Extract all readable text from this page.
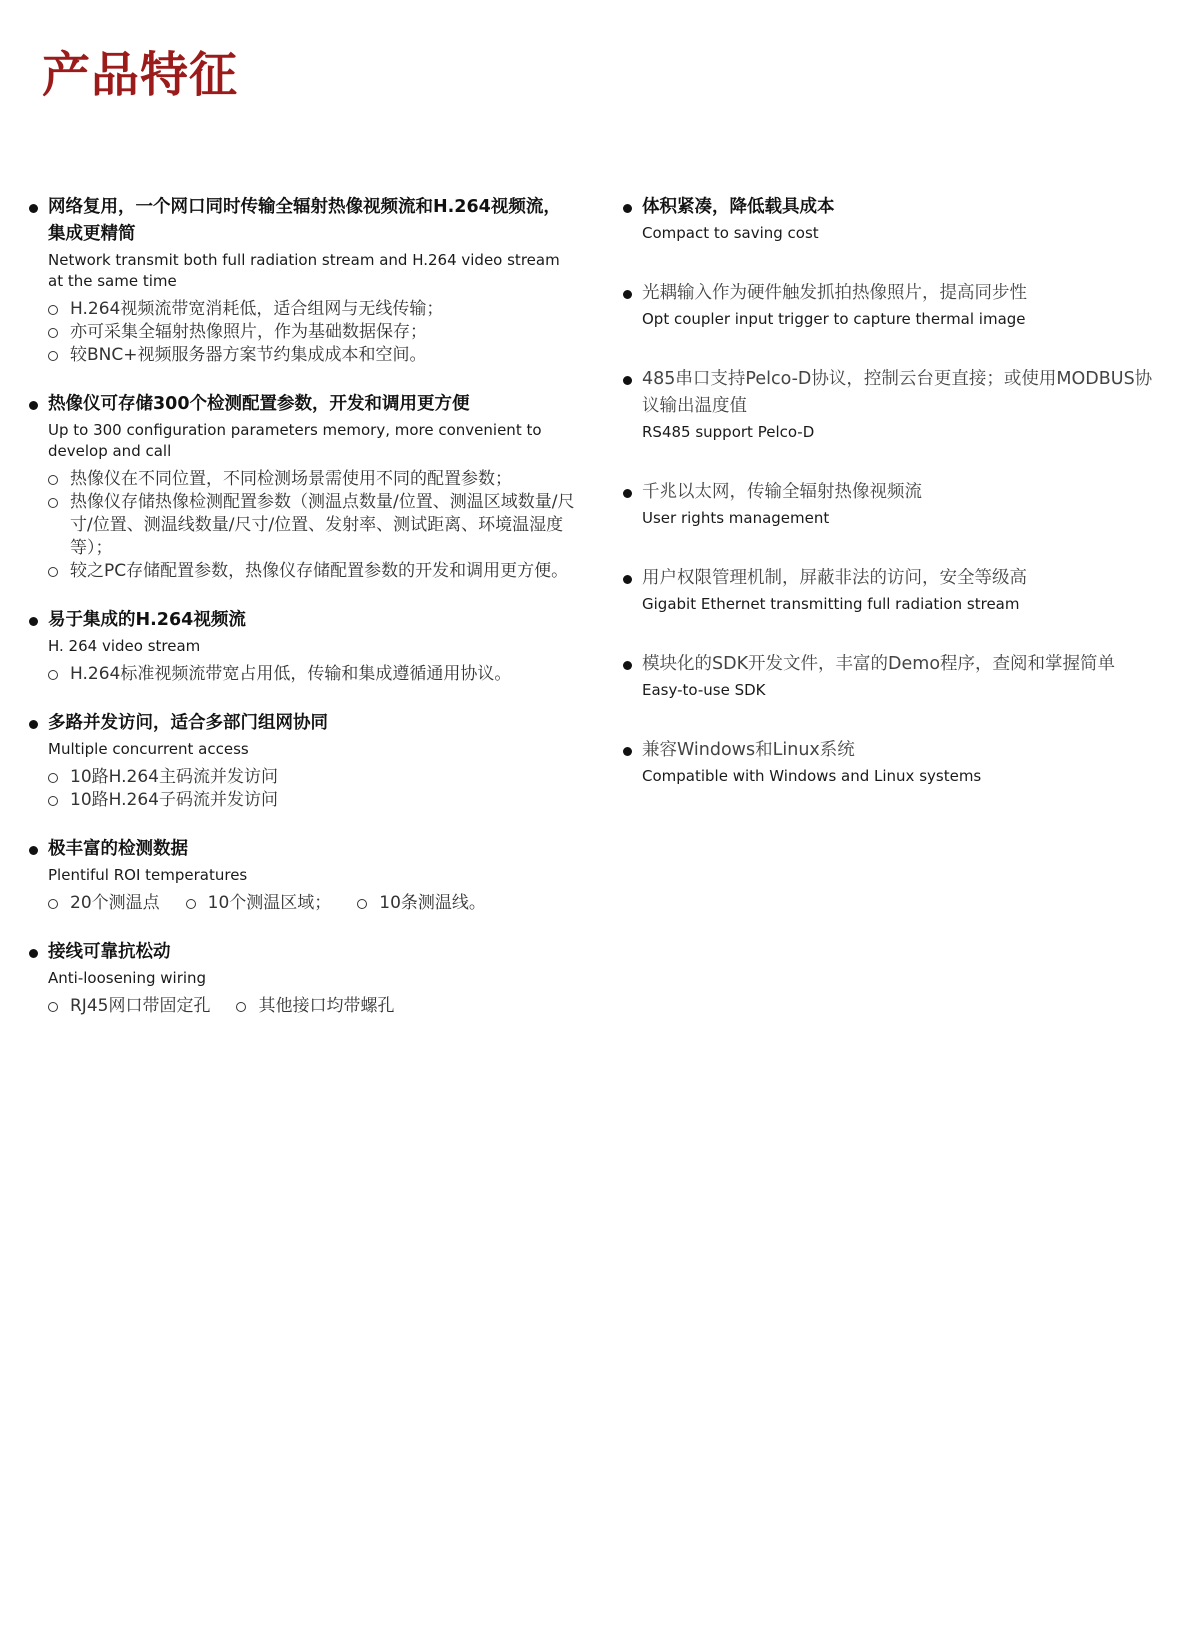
产品特征
网络复用，一个网口同时传输全辐射热像视频流和H.264视频流，集成更精简
Network transmit both full radiation stream and H.264 video stream at the same time
H.264视频流带宽消耗低，适合组网与无线传输；
亦可采集全辐射热像照片，作为基础数据保存；
较BNC+视频服务器方案节约集成成本和空间。
热像仪可存储300个检测配置参数，开发和调用更方便
Up to 300 configuration parameters memory, more convenient to develop and call
热像仪在不同位置，不同检测场景需使用不同的配置参数；
热像仪存储热像检测配置参数（测温点数量/位置、测温区域数量/尺寸/位置、测温线数量/尺寸/位置、发射率、测试距离、环境温湿度等）；
较之PC存储配置参数，热像仪存储配置参数的开发和调用更方便。
易于集成的H.264视频流
H. 264 video stream
H.264标准视频流带宽占用低，传输和集成遵循通用协议。
多路并发访问，适合多部门组网协同
Multiple concurrent access
10路H.264主码流并发访问
10路H.264子码流并发访问
极丰富的检测数据
Plentiful ROI temperatures
20个测温点	10个测温区域；	10条测温线。
接线可靠抗松动
Anti-loosening wiring
RJ45网口带固定孔	其他接口均带螺孔
体积紧凑，降低载具成本
Compact to saving cost
光耦输入作为硬件触发抓拍热像照片，提高同步性
Opt coupler input trigger to capture thermal image
485串口支持Pelco-D协议，控制云台更直接；或使用MODBUS协议输出温度值
RS485 support Pelco-D
千兆以太网，传输全辐射热像视频流
User rights management
用户权限管理机制，屏蔽非法的访问，安全等级高
Gigabit Ethernet transmitting full radiation stream
模块化的SDK开发文件，丰富的Demo程序，查阅和掌握简单
Easy-to-use SDK
兼容Windows和Linux系统
Compatible with Windows and Linux systems
